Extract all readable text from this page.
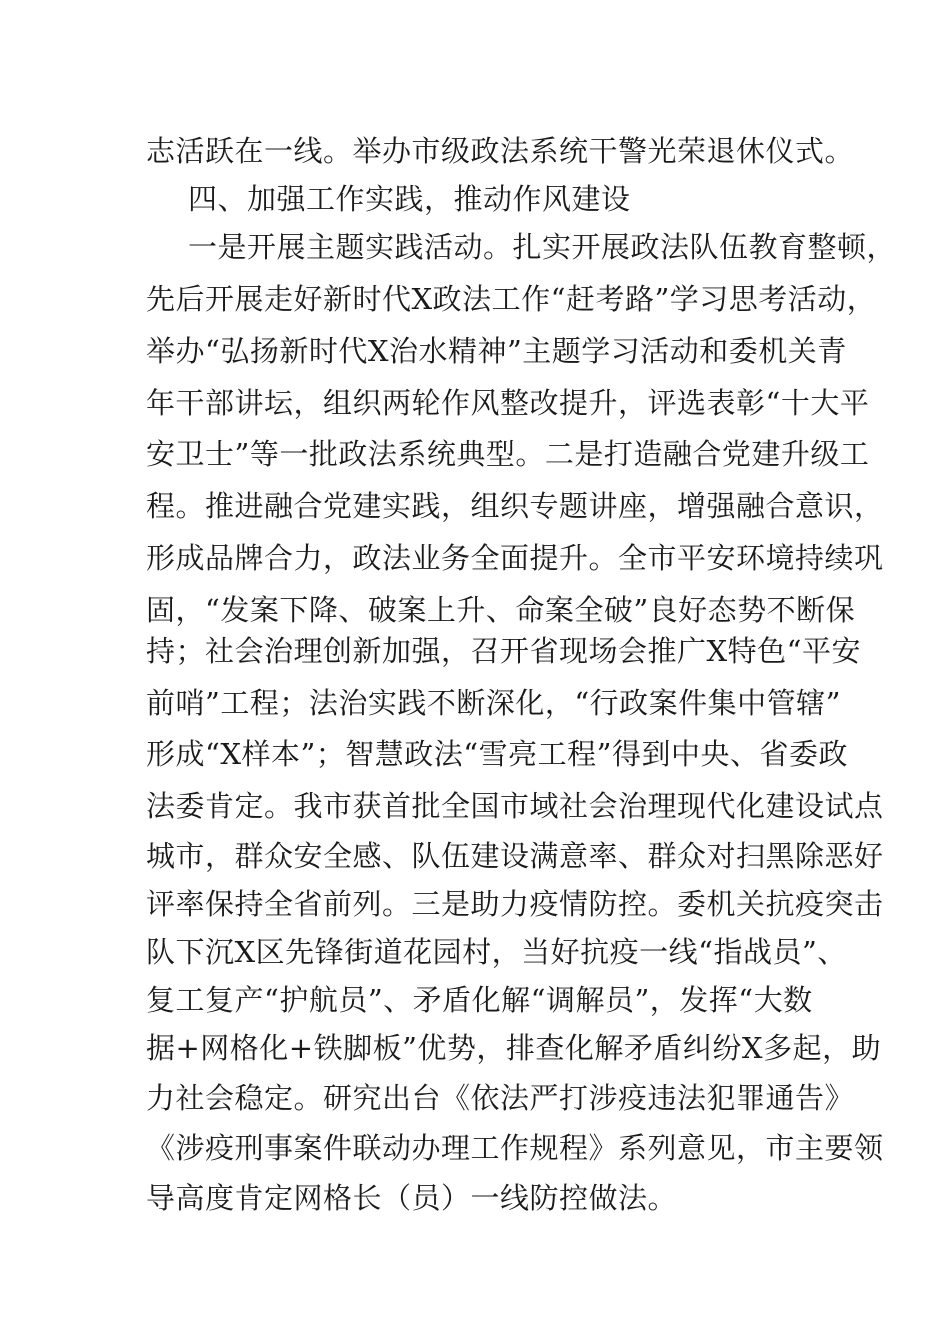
志活跃在一线。举办市级政法系统干警光荣退休仪式。
四、加强工作实践，推动作风建设
一是开展主题实践活动。扎实开展政法队伍教育整顿，
先后开展走好新时代X政法工作“赶考路”学习思考活动，
举办“弘扬新时代X治水精神”主题学习活动和委机关青
年干部讲坛，组织两轮作风整改提升，评选表彰“十大平
安卫士”等一批政法系统典型。二是打造融合党建升级工
程。推进融合党建实践，组织专题讲座，增强融合意识，
形成品牌合力，政法业务全面提升。全市平安环境持续巩
固，“发案下降、破案上升、命案全破”良好态势不断保
持；社会治理创新加强，召开省现场会推广X特色“平安
前哨”工程；法治实践不断深化，“行政案件集中管辖”
形成“X样本”；智慧政法“雪亮工程”得到中央、省委政
法委肯定。我市获首批全国市域社会治理现代化建设试点
城市，群众安全感、队伍建设满意率、群众对扫黑除恶好
评率保持全省前列。三是助力疫情防控。委机关抗疫突击
队下沉X区先锋街道花园村，当好抗疫一线“指战员”、
复工复产“护航员”、矛盾化解“调解员”，发挥“大数
据+网格化+铁脚板”优势，排查化解矛盾纠纷X多起，助
力社会稳定。研究出台《依法严打涉疫违法犯罪通告》
《涉疫刑事案件联动办理工作规程》系列意见，市主要领
导高度肯定网格长（员）一线防控做法。
